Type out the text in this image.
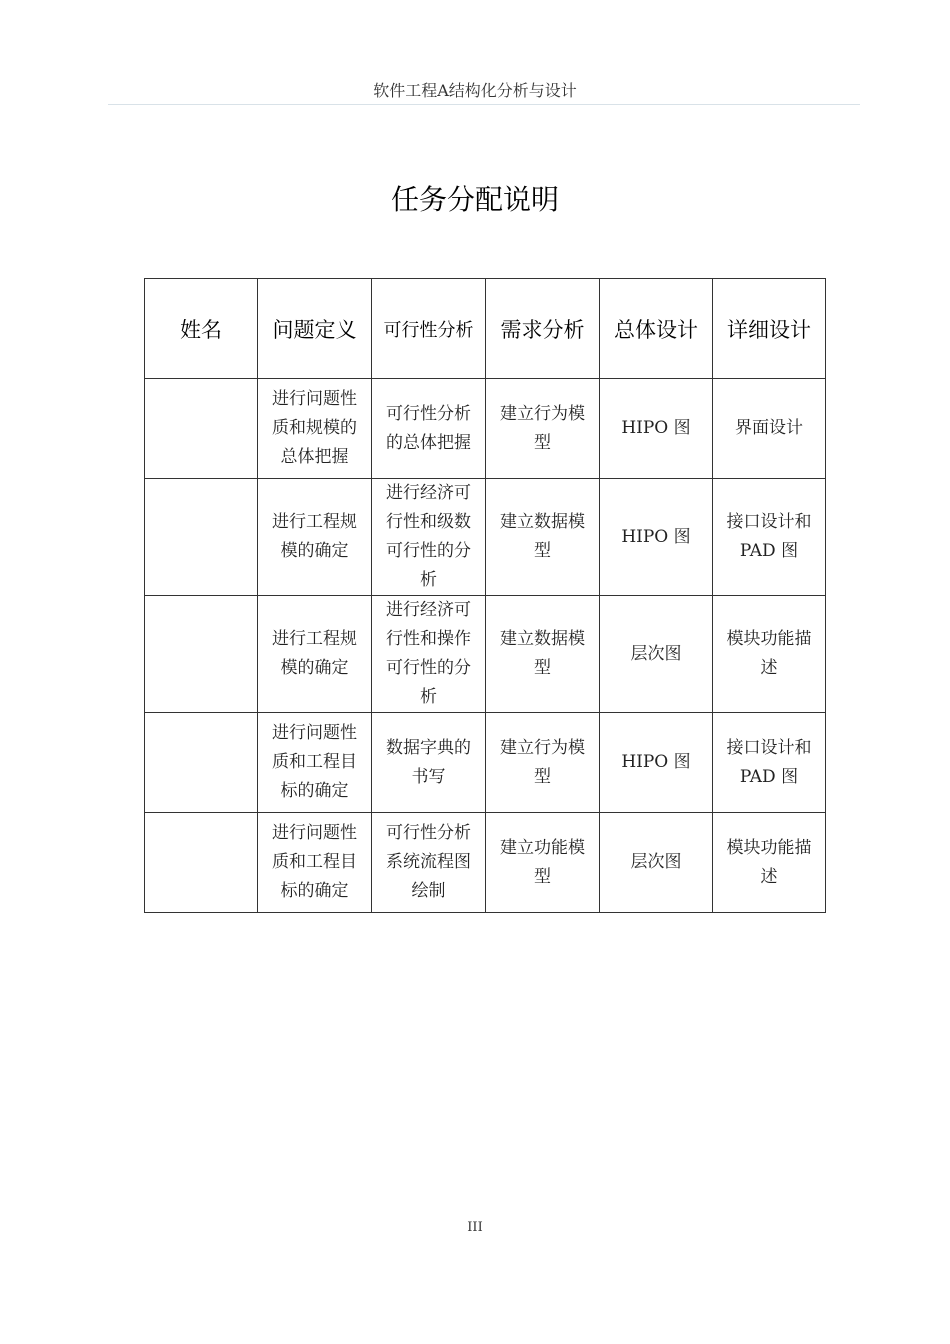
软件工程A结构化分析与设计
任务分配说明
姓名	问题定义	可行性分析	需求分析	总体设计	详细设计
	进行问题性质和规模的总体把握	可行性分析的总体把握	建立行为模型	HIPO 图	界面设计
	进行工程规模的确定	进行经济可行性和级数可行性的分析	建立数据模型	HIPO 图	接口设计和 PAD 图
	进行工程规模的确定	进行经济可行性和操作可行性的分析	建立数据模型	层次图	模块功能描述
	进行问题性质和工程目标的确定	数据字典的书写	建立行为模型	HIPO 图	接口设计和 PAD 图
	进行问题性质和工程目标的确定	可行性分析系统流程图绘制	建立功能模型	层次图	模块功能描述
III
